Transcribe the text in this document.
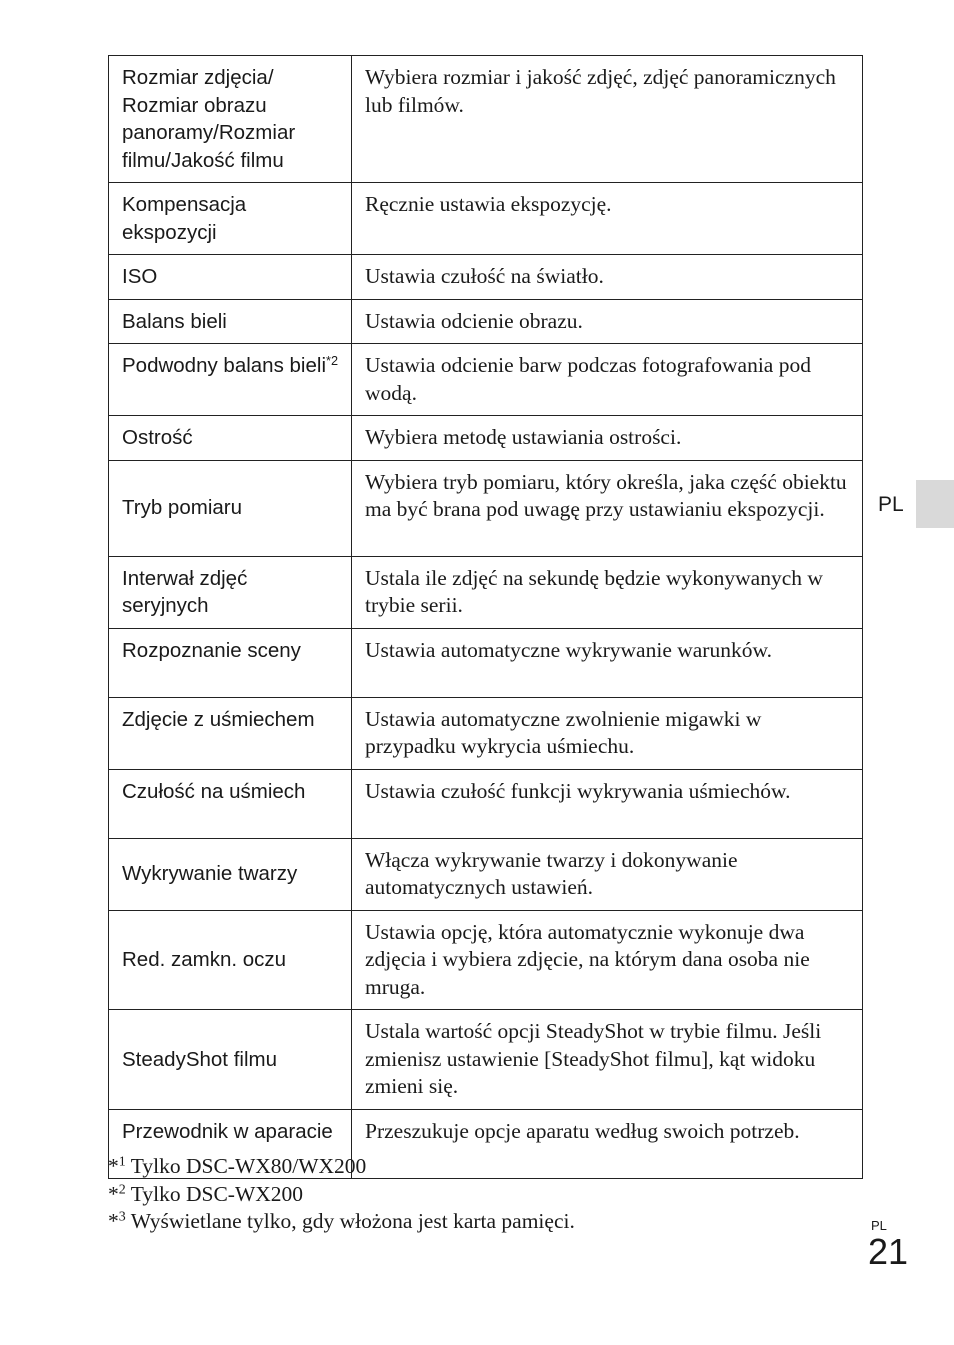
Rozmiar zdjęcia/ Rozmiar obrazu panoramy/Rozmiar filmu/Jakość filmu	Wybiera rozmiar i jakość zdjęć, zdjęć panoramicznych lub filmów.
Kompensacja ekspozycji	Ręcznie ustawia ekspozycję.
ISO	Ustawia czułość na światło.
Balans bieli	Ustawia odcienie obrazu.
Podwodny balans bieli$^{*2}$	Ustawia odcienie barw podczas fotografowania pod wodą.
Ostrość	Wybiera metodę ustawiania ostrości.
Tryb pomiaru	Wybiera tryb pomiaru, który określa, jaka część obiektu ma być brana pod uwagę przy ustawianiu ekspozycji.
Interwał zdjęć seryjnych	Ustala ile zdjęć na sekundę będzie wykonywanych w trybie serii.
Rozpoznanie sceny	Ustawia automatyczne wykrywanie warunków.
Zdjęcie z uśmiechem	Ustawia automatyczne zwolnienie migawki w przypadku wykrycia uśmiechu.
Czułość na uśmiech	Ustawia czułość funkcji wykrywania uśmiechów.
Wykrywanie twarzy	Włącza wykrywanie twarzy i dokonywanie automatycznych ustawień.
Red. zamkn. oczu	Ustawia opcję, która automatycznie wykonuje dwa zdjęcia i wybiera zdjęcie, na którym dana osoba nie mruga.
SteadyShot filmu	Ustala wartość opcji SteadyShot w trybie filmu. Jeśli zmienisz ustawienie [SteadyShot filmu], kąt widoku zmieni się.
Przewodnik w aparacie	Przeszukuje opcje aparatu według swoich potrzeb.
PL
*$^1$ Tylko DSC-WX80/WX200
*$^2$ Tylko DSC-WX200
*$^3$ Wyświetlane tylko, gdy włożona jest karta pamięci.	PL
21
